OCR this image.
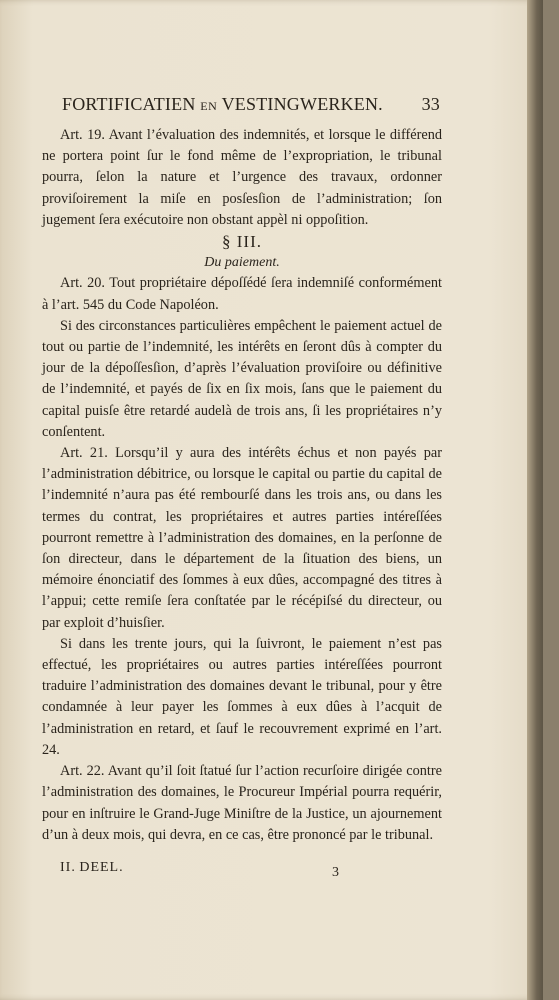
FORTIFICATIEN EN VESTINGWERKEN. 33

Art. 19. Avant l’évaluation des indemnités, et lorsque le différend ne portera point ſur le fond même de l’expropriation, le tribunal pourra, ſelon la nature et l’urgence des travaux, ordonner proviſoirement la miſe en posſesſion de l’administration; ſon jugement ſera exécutoire non obstant appèl ni oppoſition.

§ III.

Du paiement.

Art. 20. Tout propriétaire dépoſſédé ſera indemniſé conformément à l’art. 545 du Code Napoléon.

Si des circonstances particulières empêchent le paiement actuel de tout ou partie de l’indemnité, les intérêts en ſeront dûs à compter du jour de la dépoſſesſion, d’après l’évaluation proviſoire ou définitive de l’indemnité, et payés de ſix en ſix mois, ſans que le paiement du capital puisſe être retardé audelà de trois ans, ſi les propriétaires n’y conſentent.

Art. 21. Lorsqu’il y aura des intérêts échus et non payés par l’administration débitrice, ou lorsque le capital ou partie du capital de l’indemnité n’aura pas été rembourſé dans les trois ans, ou dans les termes du contrat, les propriétaires et autres parties intéreſſées pourront remettre à l’administration des domaines, en la perſonne de ſon directeur, dans le département de la ſituation des biens, un mémoire énonciatif des ſommes à eux dûes, accompagné des titres à l’appui; cette remiſe ſera conſtatée par le récépiſsé du directeur, ou par exploit d’huisſier.

Si dans les trente jours, qui la ſuivront, le paiement n’est pas effectué, les propriétaires ou autres parties intéreſſées pourront traduire l’administration des domaines devant le tribunal, pour y être condamnée à leur payer les ſommes à eux dûes à l’acquit de l’administration en retard, et ſauf le recouvrement exprimé en l’art. 24.

Art. 22. Avant qu’il ſoit ſtatué ſur l’action recurſoire dirigée contre l’administration des domaines, le Procureur Impérial pourra requérir, pour en inſtruire le Grand-Juge Miniſtre de la Justice, un ajournement d’un à deux mois, qui devra, en ce cas, être prononcé par le tribunal.

II. DEEL.	3
